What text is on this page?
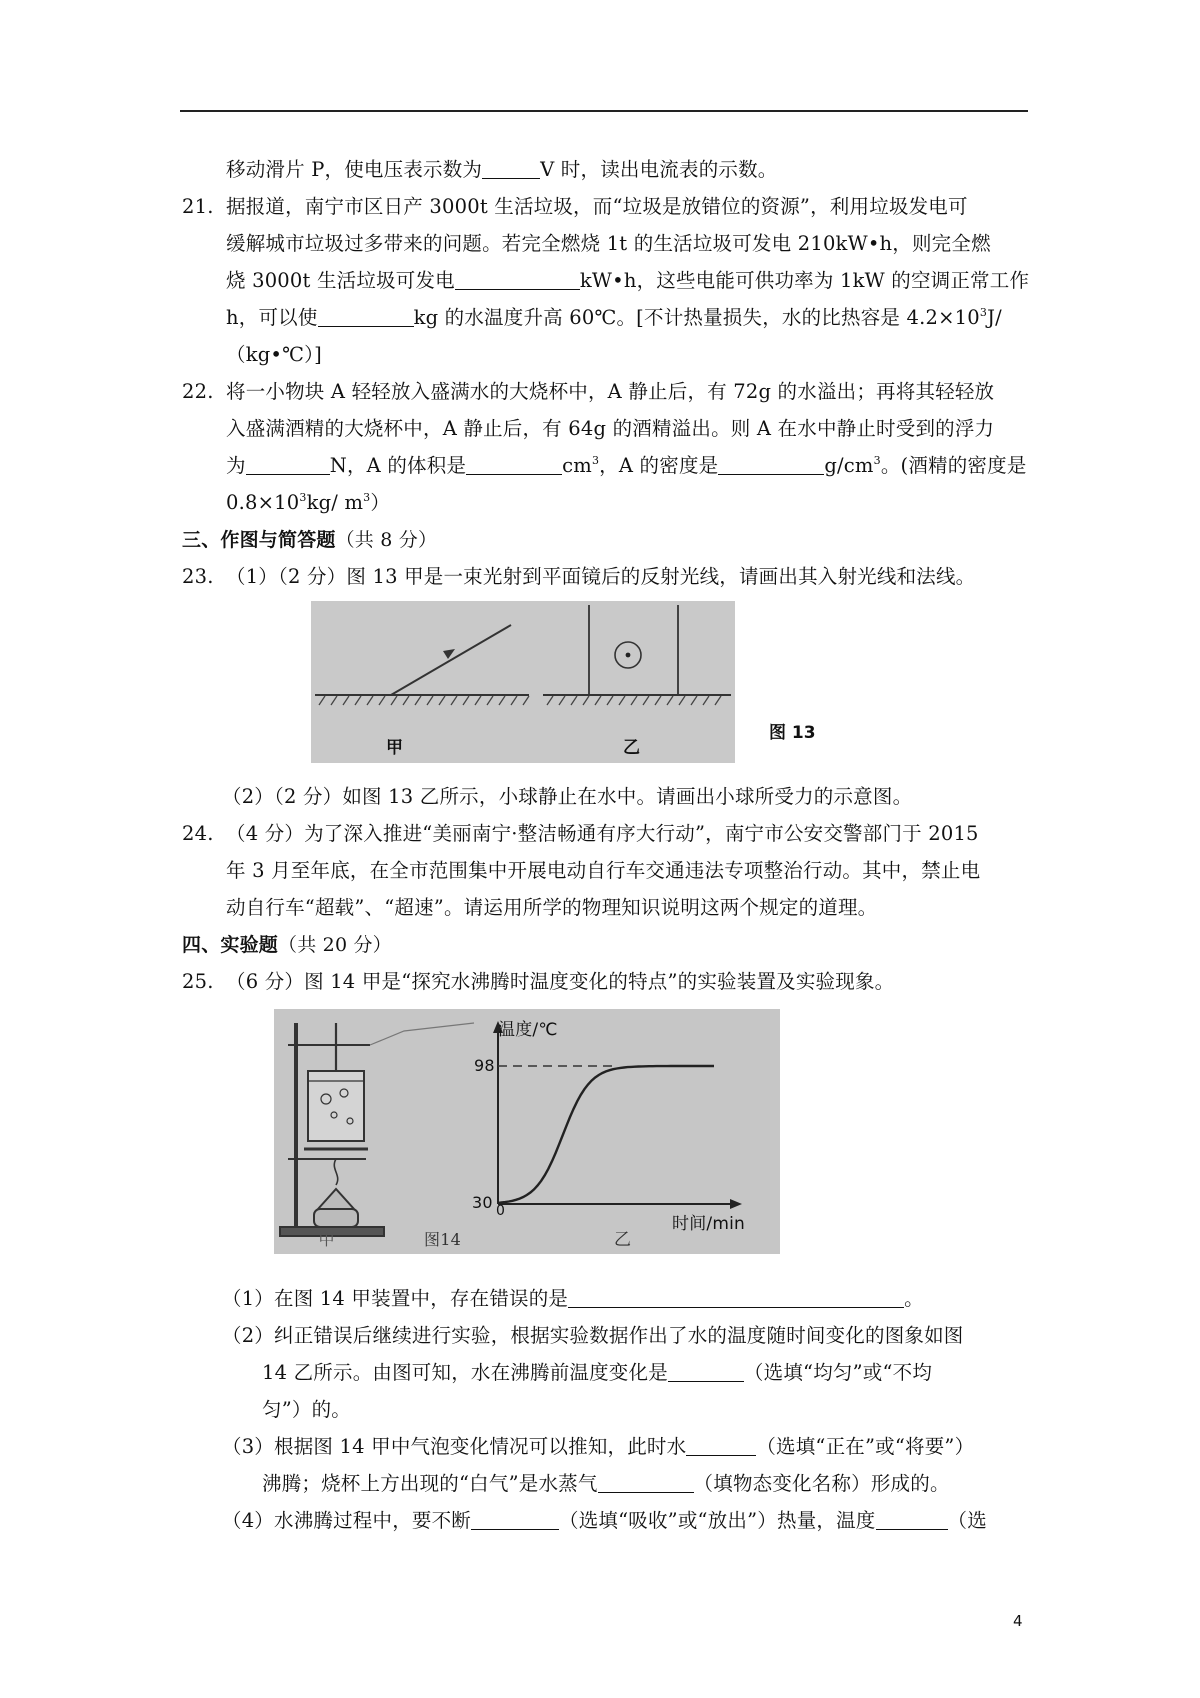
移动滑片 P，使电压表示数为	V 时，读出电流表的示数。
21. 据报道，南宁市区日产 3000t 生活垃圾，而“垃圾是放错位的资源”，利用垃圾发电可
缓解城市垃圾过多带来的问题。若完全燃烧 1t 的生活垃圾可发电 210kW•h，则完全燃
烧 3000t 生活垃圾可发电	kW•h，这些电能可供功率为 1kW 的空调正常工作
h，可以使	kg 的水温度升高 60℃。[不计热量损失，水的比热容是 $4.2\times 10^3J/$
（kg•℃）]
22. 将一小物块 A 轻轻放入盛满水的大烧杯中，A 静止后，有 72g 的水溢出；再将其轻轻放
入盛满酒精的大烧杯中，A 静止后，有 64g 的酒精溢出。则 A 在水中静止时受到的浮力
为	N，A 的体积是	$cm^3$，A 的密度是	$g/cm^3$。(酒精的密度是
$0.8\times 10^3kg/$ $m^3$）
三、作图与简答题（共 8 分）
23. （1）（2 分）图 13 甲是一束光射到平面镜后的反射光线，请画出其入射光线和法线。
甲	乙
图 13
（2）（2 分）如图 13 乙所示，小球静止在水中。请画出小球所受力的示意图。
24. （4 分）为了深入推进“美丽南宁·整洁畅通有序大行动”，南宁市公安交警部门于 2015
年 3 月至年底，在全市范围集中开展电动自行车交通违法专项整治行动。其中，禁止电
动自行车“超载”、“超速”。请运用所学的物理知识说明这两个规定的道理。
四、实验题（共 20 分）
25. （6 分）图 14 甲是“探究水沸腾时温度变化的特点”的实验装置及实验现象。
温度/℃
98
30 0
时间/min
甲	图14	乙
（1）在图 14 甲装置中，存在错误的是	。
（2）纠正错误后继续进行实验，根据实验数据作出了水的温度随时间变化的图象如图
14 乙所示。由图可知，水在沸腾前温度变化是	（选填“均匀”或“不均
匀”）的。
（3）根据图 14 甲中气泡变化情况可以推知，此时水	（选填“正在”或“将要”）
沸腾；烧杯上方出现的“白气”是水蒸气	（填物态变化名称）形成的。
（4）水沸腾过程中，要不断	（选填“吸收”或“放出”）热量，温度	（选
4
